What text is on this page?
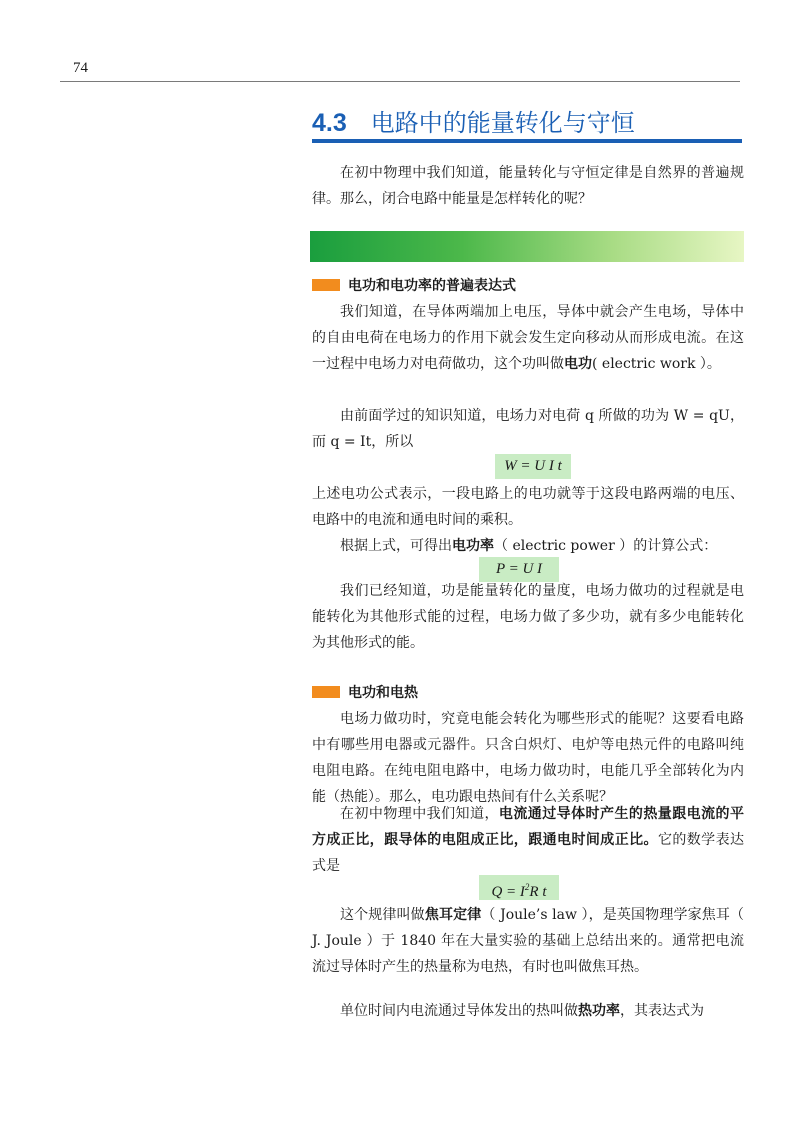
74
4.3 电路中的能量转化与守恒

在初中物理中我们知道，能量转化与守恒定律是自然界的普遍规律。那么，闭合电路中能量是怎样转化的呢？

电功和电功率的普遍表达式

我们知道，在导体两端加上电压，导体中就会产生电场，导体中的自由电荷在电场力的作用下就会发生定向移动从而形成电流。在这一过程中电场力对电荷做功，这个功叫做电功( electric work ）。

由前面学过的知识知道，电场力对电荷 q 所做的功为 W = qU，而 q = It，所以

W = U I t

上述电功公式表示，一段电路上的电功就等于这段电路两端的电压、电路中的电流和通电时间的乘积。

根据上式，可得出电功率（ electric power ）的计算公式：

P = U I

我们已经知道，功是能量转化的量度，电场力做功的过程就是电能转化为其他形式能的过程，电场力做了多少功，就有多少电能转化为其他形式的能。

电功和电热

电场力做功时，究竟电能会转化为哪些形式的能呢？这要看电路中有哪些用电器或元器件。只含白炽灯、电炉等电热元件的电路叫纯电阻电路。在纯电阻电路中，电场力做功时，电能几乎全部转化为内能（热能）。那么，电功跟电热间有什么关系呢？

在初中物理中我们知道，电流通过导体时产生的热量跟电流的平方成正比，跟导体的电阻成正比，跟通电时间成正比。它的数学表达式是

$Q = I^2R$ t

这个规律叫做焦耳定律（ Joule’s law ），是英国物理学家焦耳（ J. Joule ）于 1840 年在大量实验的基础上总结出来的。通常把电流流过导体时产生的热量称为电热，有时也叫做焦耳热。

单位时间内电流通过导体发出的热叫做热功率，其表达式为
